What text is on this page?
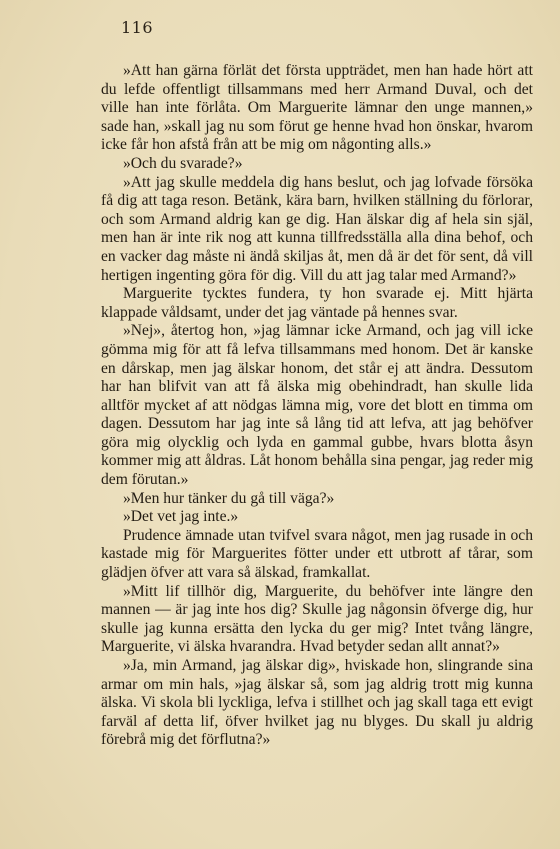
116

»Att han gärna förlät det första uppträdet, men han hade hört att du lefde offentligt tillsammans med herr Armand Duval, och det ville han inte förlåta. Om Marguerite lämnar den unge mannen,» sade han, »skall jag nu som förut ge henne hvad hon önskar, hvarom icke får hon afstå från att be mig om någonting alls.»

»Och du svarade?»

»Att jag skulle meddela dig hans beslut, och jag lofvade försöka få dig att taga reson. Betänk, kära barn, hvilken ställning du förlorar, och som Armand aldrig kan ge dig. Han älskar dig af hela sin själ, men han är inte rik nog att kunna tillfredsställa alla dina behof, och en vacker dag måste ni ändå skiljas åt, men då är det för sent, då vill hertigen ingenting göra för dig. Vill du att jag talar med Armand?»

Marguerite tycktes fundera, ty hon svarade ej. Mitt hjärta klappade våldsamt, under det jag väntade på hennes svar.

»Nej», återtog hon, »jag lämnar icke Armand, och jag vill icke gömma mig för att få lefva tillsammans med honom. Det är kanske en dårskap, men jag älskar honom, det står ej att ändra. Dessutom har han blifvit van att få älska mig obehindradt, han skulle lida alltför mycket af att nödgas lämna mig, vore det blott en timma om dagen. Dessutom har jag inte så lång tid att lefva, att jag behöfver göra mig olycklig och lyda en gammal gubbe, hvars blotta åsyn kommer mig att åldras. Låt honom behålla sina pengar, jag reder mig dem förutan.»

»Men hur tänker du gå till väga?»

»Det vet jag inte.»

Prudence ämnade utan tvifvel svara något, men jag rusade in och kastade mig för Marguerites fötter under ett utbrott af tårar, som glädjen öfver att vara så älskad, framkallat.

»Mitt lif tillhör dig, Marguerite, du behöfver inte längre den mannen — är jag inte hos dig? Skulle jag någonsin öfverge dig, hur skulle jag kunna ersätta den lycka du ger mig? Intet tvång längre, Marguerite, vi älska hvarandra. Hvad betyder sedan allt annat?»

»Ja, min Armand, jag älskar dig», hviskade hon, slingrande sina armar om min hals, »jag älskar så, som jag aldrig trott mig kunna älska. Vi skola bli lyckliga, lefva i stillhet och jag skall taga ett evigt farväl af detta lif, öfver hvilket jag nu blyges. Du skall ju aldrig förebrå mig det förflutna?»
